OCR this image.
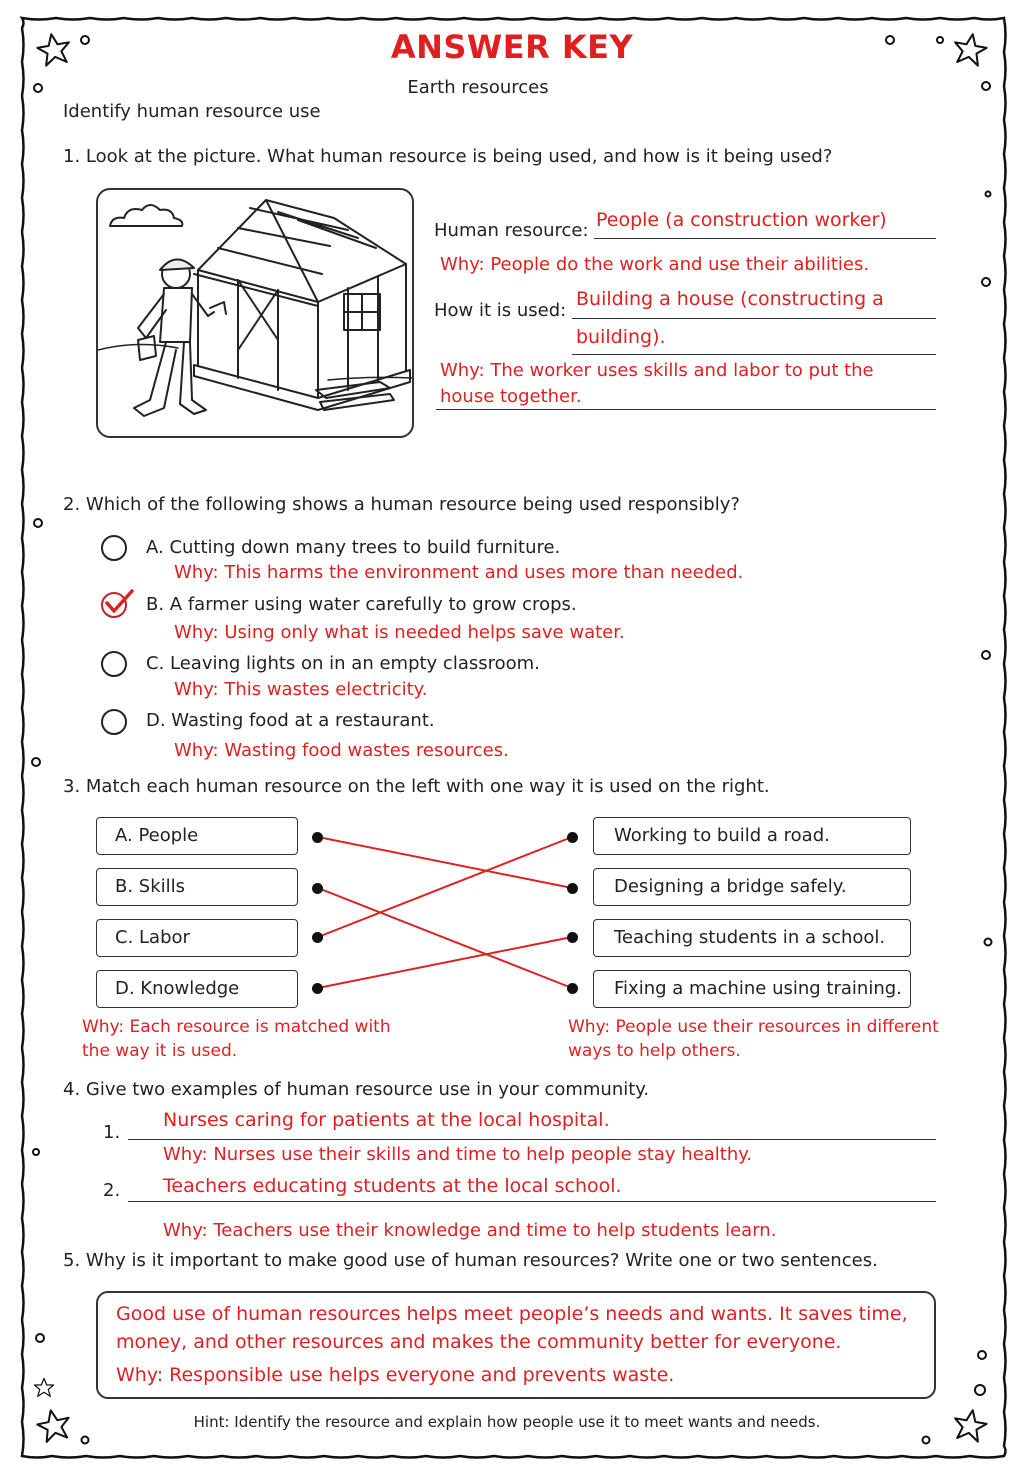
ANSWER KEY
Earth resources
Identify human resource use
1. Look at the picture. What human resource is being used, and how is it being used?
Human resource: People (a construction worker)
Why: People do the work and use their abilities.
How it is used:
Building a house (constructing a
building).
Why: The worker uses skills and labor to put the
house together.
2. Which of the following shows a human resource being used responsibly?
A. Cutting down many trees to build furniture.
Why: This harms the environment and uses more than needed.
B. A farmer using water carefully to grow crops.
Why: Using only what is needed helps save water.
C. Leaving lights on in an empty classroom.
Why: This wastes electricity.
D. Wasting food at a restaurant.
Why: Wasting food wastes resources.
3. Match each human resource on the left with one way it is used on the right.
A. People
B. Skills
C. Labor
D. Knowledge
Working to build a road.
Designing a bridge safely.
Teaching students in a school.
Fixing a machine using training.
Why: Each resource is matched with
the way it is used.
Why: People use their resources in different
ways to help others.
4. Give two examples of human resource use in your community.
1.
Nurses caring for patients at the local hospital.
Why: Nurses use their skills and time to help people stay healthy.
2. Teachers educating students at the local school.
Why: Teachers use their knowledge and time to help students learn.
5. Why is it important to make good use of human resources? Write one or two sentences.
Good use of human resources helps meet people’s needs and wants. It saves time,
money, and other resources and makes the community better for everyone.
Why: Responsible use helps everyone and prevents waste.
Hint: Identify the resource and explain how people use it to meet wants and needs.
